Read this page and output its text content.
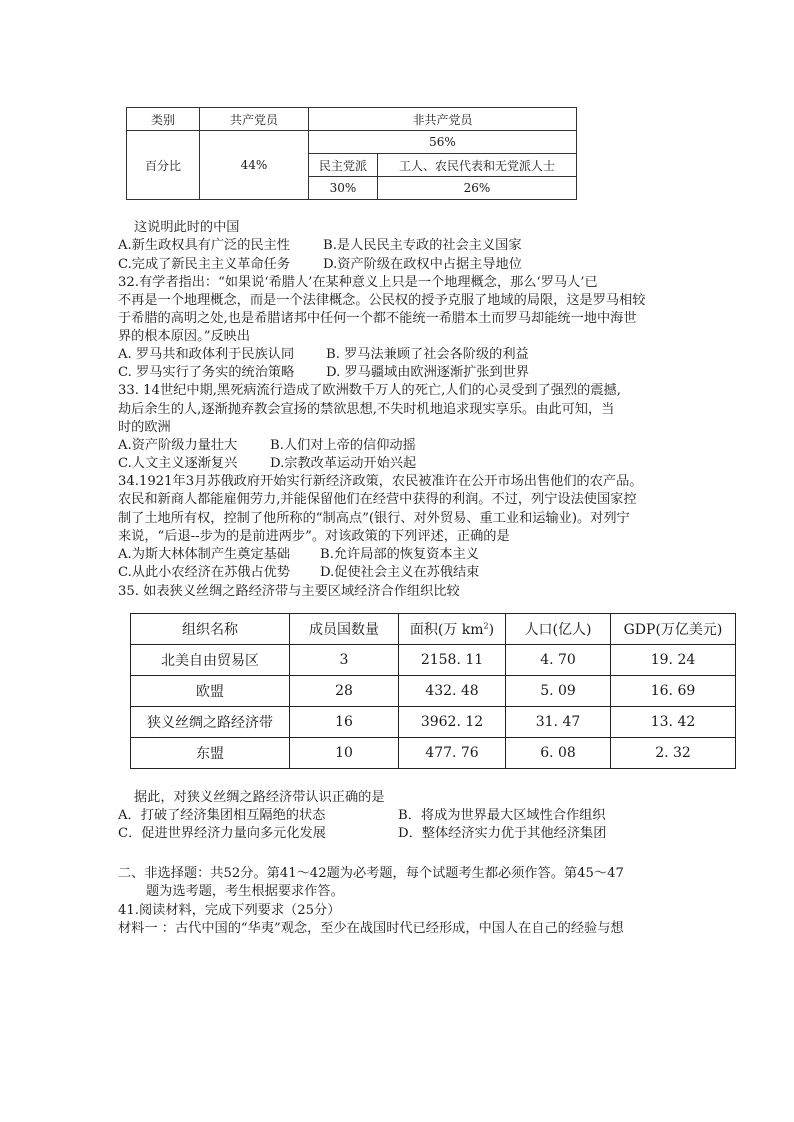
类别	共产党员	非共产党员	
百分比	44%	56%	
		民主党派	工人、农民代表和无党派人士
		30%	26%
这说明此时的中国
A.新生政权具有广泛的民主性	B.是人民民主专政的社会主义国家
C.完成了新民主主义革命任务 D.资产阶级在政权中占据主导地位
32.有学者指出：“如果说‘希腊人’在某种意义上只是一个地理概念，那么‘罗马人’已
不再是一个地理概念，而是一个法律概念。公民权的授予克服了地域的局限，这是罗马相较
于希腊的高明之处,也是希腊诸邦中任何一个都不能统一希腊本土而罗马却能统一地中海世
界的根本原因。”反映出
A. 罗马共和政体利于民族认同 B. 罗马法兼顾了社会各阶级的利益
C. 罗马实行了务实的统治策略 D. 罗马疆域由欧洲逐渐扩张到世界
33. 14世纪中期,黑死病流行造成了欧洲数千万人的死亡,人们的心灵受到了强烈的震撼,
劫后余生的人,逐渐抛弃教会宣扬的禁欲思想,不失时机地追求现实享乐。由此可知，当
时的欧洲
A.资产阶级力量壮大 B.人们对上帝的信仰动摇
C.人文主义逐渐复兴 D.宗教改革运动开始兴起
34.1921年3月苏俄政府开始实行新经济政策，农民被准许在公开市场出售他们的农产品。
农民和新商人都能雇佣劳力,并能保留他们在经营中获得的利润。不过，列宁设法使国家控
制了土地所有权，控制了他所称的“制高点”(银行、对外贸易、重工业和运输业)。对列宁
来说，“后退--步为的是前进两步”。对该政策的下列评述，正确的是
A.为斯大林体制产生奠定基础 B.允许局部的恢复资本主义
C.从此小农经济在苏俄占优势 D.促使社会主义在苏俄结束
35. 如表狭义丝绸之路经济带与主要区域经济合作组织比较
组织名称	成员国数量	面积(万 $km^2$)	人口(亿人)	GDP(万亿美元)
北美自由贸易区	3	2158. 11	4. 70	19. 24
欧盟	28	432. 48	5. 09	16. 69
狭义丝绸之路经济带	16	3962. 12	31. 47	13. 42
东盟	10	477. 76	6. 08	2. 32
据此，对狭义丝绸之路经济带认识正确的是
A．打破了经济集团相互隔绝的状态	B．将成为世界最大区域性合作组织
C．促进世界经济力量向多元化发展	D．整体经济实力优于其他经济集团
二、非选择题：共52分。第41～42题为必考题，每个试题考生都必须作答。第45～47
题为选考题，考生根据要求作答。
41.阅读材料，完成下列要求（25分）
材料一 ：古代中国的“华夷”观念，至少在战国时代已经形成，中国人在自己的经验与想
